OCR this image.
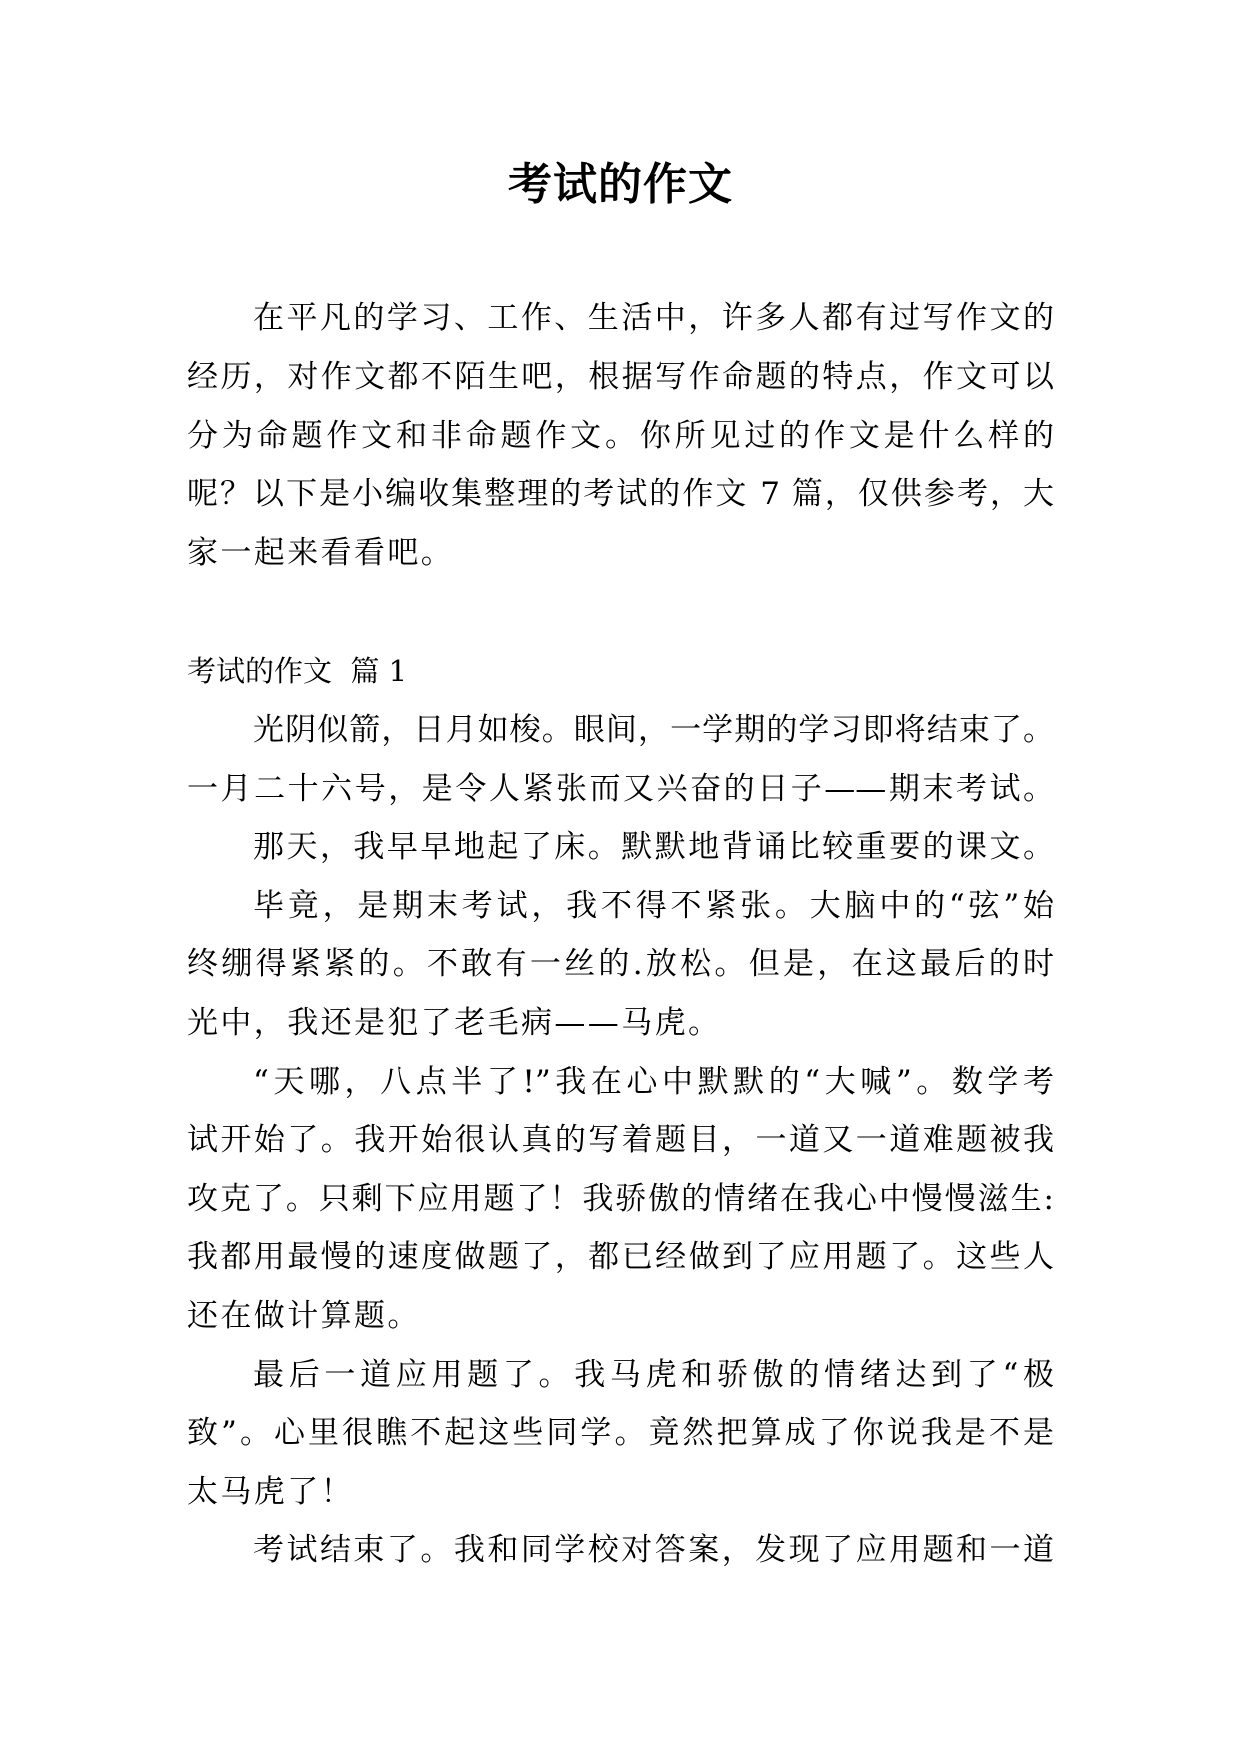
考试的作文
在平凡的学习、工作、生活中，许多人都有过写作文的
经历，对作文都不陌生吧，根据写作命题的特点，作文可以
分为命题作文和非命题作文。你所见过的作文是什么样的
呢？以下是小编收集整理的考试的作文 7 篇，仅供参考，大
家一起来看看吧。
考试的作文  篇 1
光阴似箭，日月如梭。眼间，一学期的学习即将结束了。
一月二十六号，是令人紧张而又兴奋的日子——期末考试。
那天，我早早地起了床。默默地背诵比较重要的课文。
毕竟，是期末考试，我不得不紧张。大脑中的“弦”始
终绷得紧紧的。不敢有一丝的.放松。但是，在这最后的时
光中，我还是犯了老毛病——马虎。
“天哪，八点半了!”我在心中默默的“大喊”。数学考
试开始了。我开始很认真的写着题目，一道又一道难题被我
攻克了。只剩下应用题了！我骄傲的情绪在我心中慢慢滋生:
我都用最慢的速度做题了，都已经做到了应用题了。这些人
还在做计算题。
最后一道应用题了。我马虎和骄傲的情绪达到了“极
致”。心里很瞧不起这些同学。竟然把算成了你说我是不是
太马虎了！
考试结束了。我和同学校对答案，发现了应用题和一道
